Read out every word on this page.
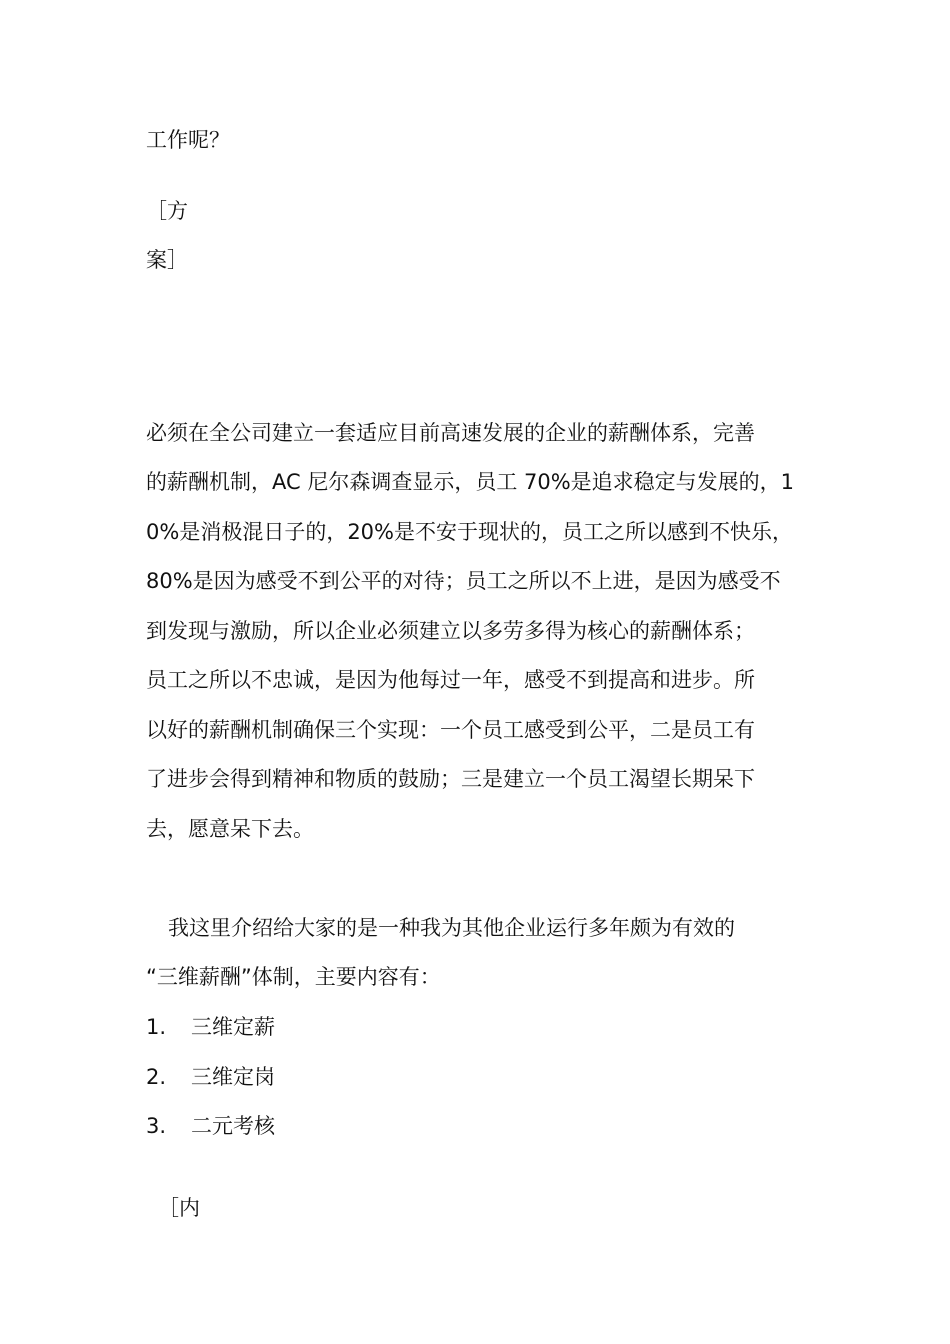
工作呢？
［方
案］
必须在全公司建立一套适应目前高速发展的企业的薪酬体系，完善
的薪酬机制，AC 尼尔森调查显示，员工 70%是追求稳定与发展的，1
0%是消极混日子的，20%是不安于现状的，员工之所以感到不快乐，
80%是因为感受不到公平的对待；员工之所以不上进，是因为感受不
到发现与激励，所以企业必须建立以多劳多得为核心的薪酬体系；
员工之所以不忠诚，是因为他每过一年，感受不到提高和进步。所
以好的薪酬机制确保三个实现：一个员工感受到公平，二是员工有
了进步会得到精神和物质的鼓励；三是建立一个员工渴望长期呆下
去，愿意呆下去。
我这里介绍给大家的是一种我为其他企业运行多年颇为有效的
“三维薪酬”体制，主要内容有：
1. 三维定薪
2. 三维定岗
3. 二元考核
［内
